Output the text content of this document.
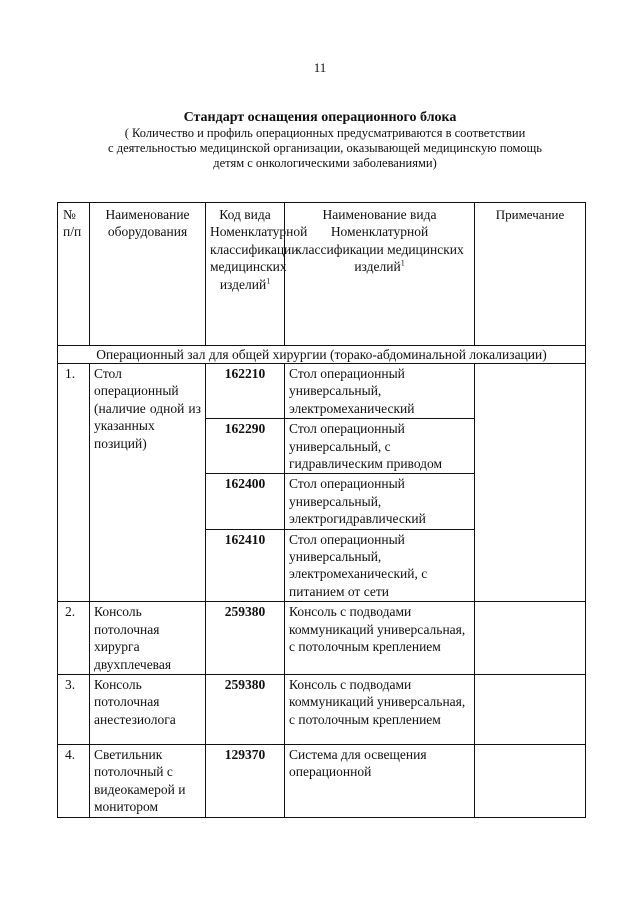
11
Стандарт оснащения операционного блока
( Количество и профиль операционных предусматриваются в соответствии
с деятельностью медицинской организации, оказывающей медицинскую помощь
детям с онкологическими заболеваниями)
№ п/п	Наименование оборудования	Код вида Номенклатурной классификации медицинских изделий$^1$	Наименование вида Номенклатурной классификации медицинских изделий$^1$	Примечание
Операционный зал для общей хирургии (торако-абдоминальной локализации)				
1.	Стол операционный (наличие одной из указанных позиций)	162210	Стол операционный универсальный, электромеханический	
		162290	Стол операционный универсальный, с гидравлическим приводом	
		162400	Стол операционный универсальный, электрогидравлический	
		162410	Стол операционный универсальный, электромеханический, с питанием от сети	
2.	Консоль потолочная хирурга двухплечевая	259380	Консоль с подводами коммуникаций универсальная, с потолочным креплением	
3.	Консоль потолочная анестезиолога	259380	Консоль с подводами коммуникаций универсальная, с потолочным креплением	
4.	Светильник потолочный с видеокамерой и монитором	129370	Система для освещения операционной	
